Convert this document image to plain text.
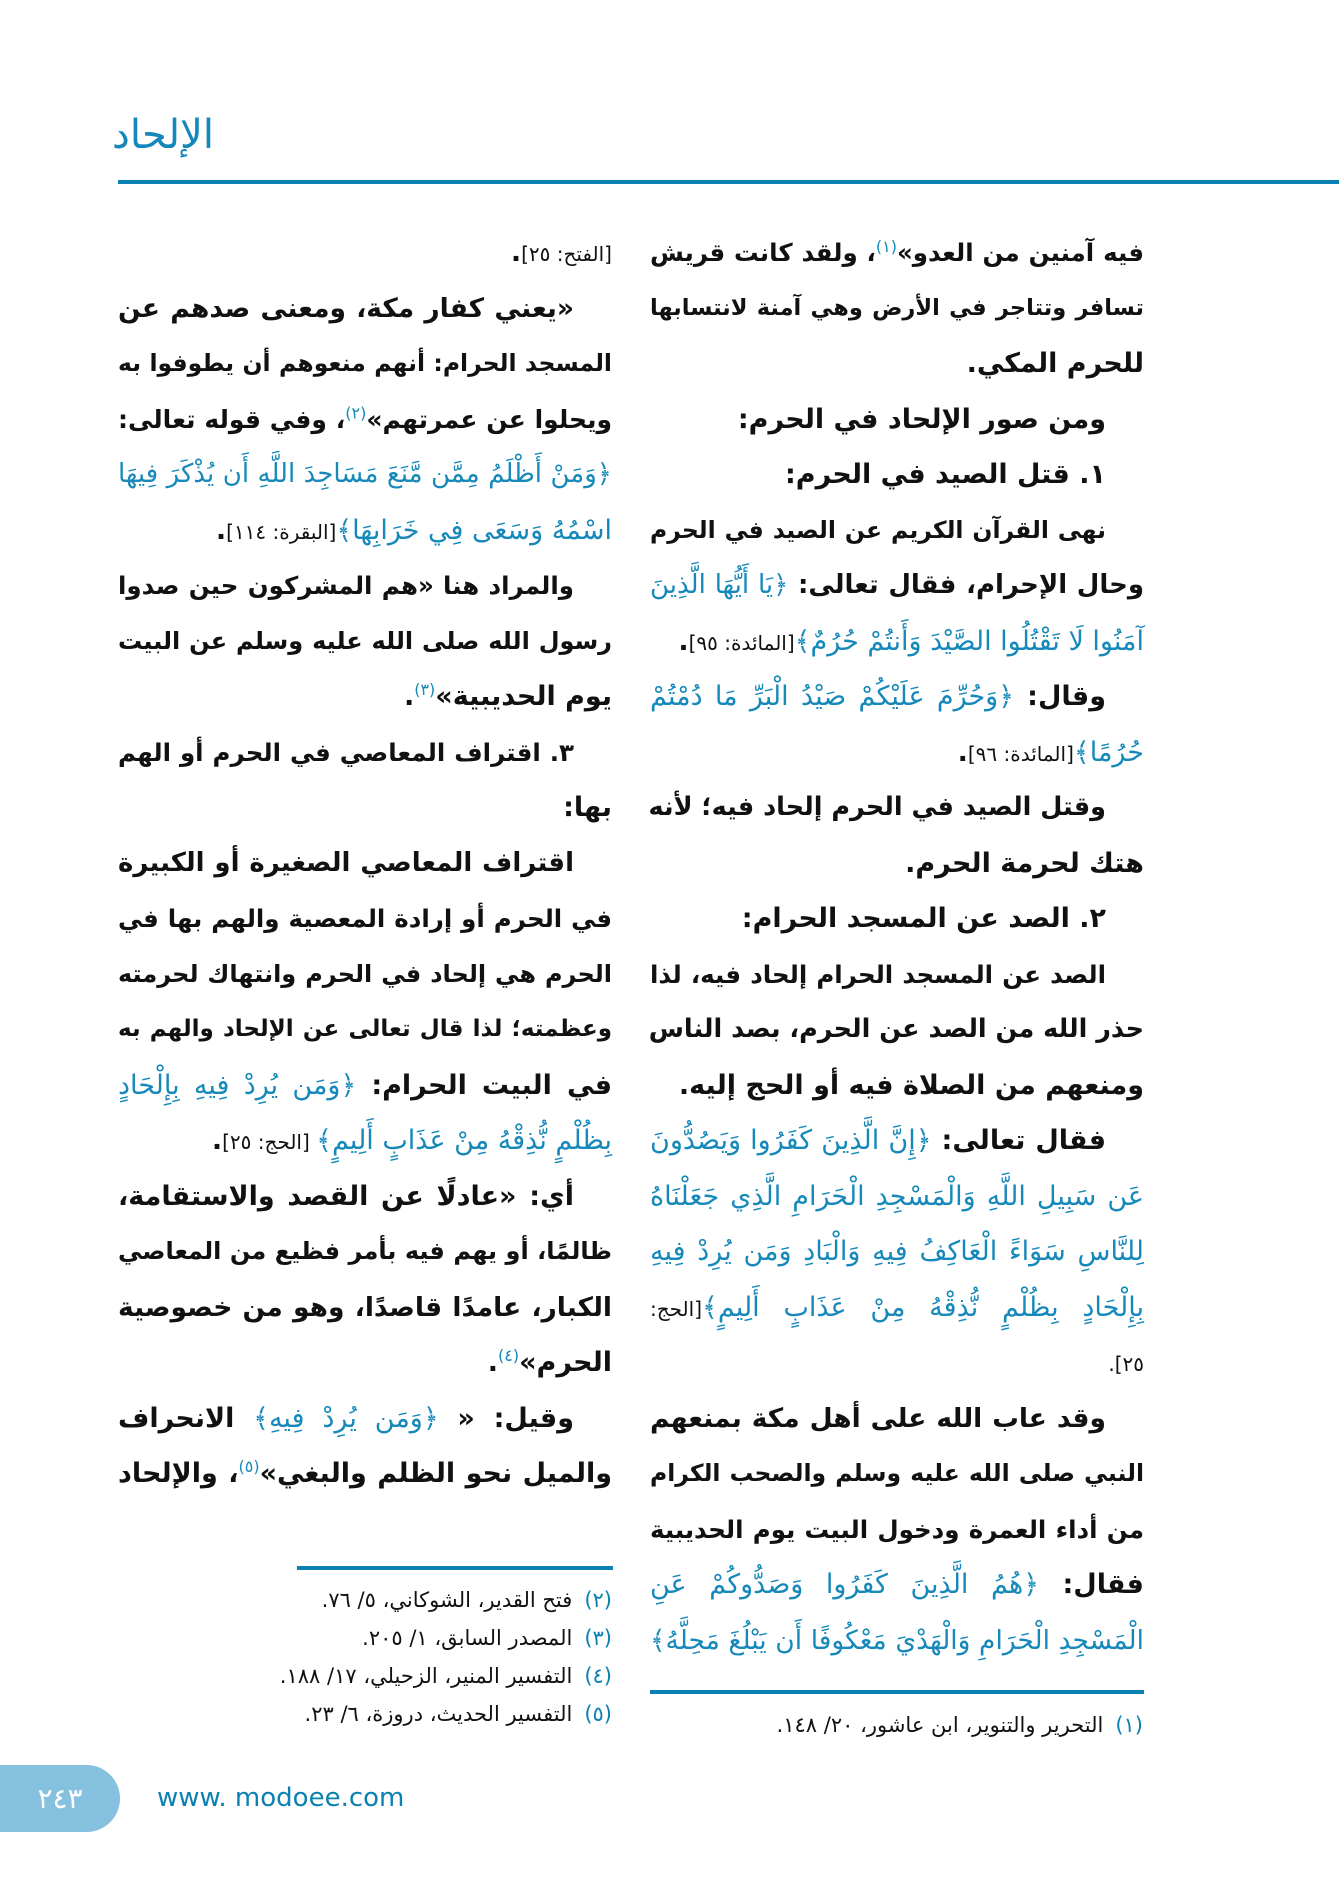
الإلحاد
فيه آمنين من العدو»$^{(١)}$، ولقد كانت قريش
تسافر وتتاجر في الأرض وهي آمنة لانتسابها
للحرم المكي.
ومن صور الإلحاد في الحرم:
١. قتل الصيد في الحرم:
نهى القرآن الكريم عن الصيد في الحرم
وحال الإحرام، فقال تعالى: ﴿يَا أَيُّهَا الَّذِينَ
آمَنُوا لَا تَقْتُلُوا الصَّيْدَ وَأَنتُمْ حُرُمٌ﴾[المائدة: ٩٥].
وقال: ﴿وَحُرِّمَ عَلَيْكُمْ صَيْدُ الْبَرِّ مَا دُمْتُمْ
حُرُمًا﴾[المائدة: ٩٦].
وقتل الصيد في الحرم إلحاد فيه؛ لأنه
هتك لحرمة الحرم.
٢. الصد عن المسجد الحرام:
الصد عن المسجد الحرام إلحاد فيه، لذا
حذر الله من الصد عن الحرم، بصد الناس
ومنعهم من الصلاة فيه أو الحج إليه.
فقال تعالى: ﴿إِنَّ الَّذِينَ كَفَرُوا وَيَصُدُّونَ
عَن سَبِيلِ اللَّهِ وَالْمَسْجِدِ الْحَرَامِ الَّذِي جَعَلْنَاهُ
لِلنَّاسِ سَوَاءً الْعَاكِفُ فِيهِ وَالْبَادِ وَمَن يُرِدْ فِيهِ
بِإِلْحَادٍ بِظُلْمٍ نُّذِقْهُ مِنْ عَذَابٍ أَلِيمٍ﴾[الحج:
٢٥].
وقد عاب الله على أهل مكة بمنعهم
النبي صلى الله عليه وسلم والصحب الكرام
من أداء العمرة ودخول البيت يوم الحديبية
فقال: ﴿هُمُ الَّذِينَ كَفَرُوا وَصَدُّوكُمْ عَنِ
الْمَسْجِدِ الْحَرَامِ وَالْهَدْيَ مَعْكُوفًا أَن يَبْلُغَ مَحِلَّهُ﴾
[الفتح: ٢٥].
«يعني كفار مكة، ومعنى صدهم عن
المسجد الحرام: أنهم منعوهم أن يطوفوا به
ويحلوا عن عمرتهم»$^{(٢)}$، وفي قوله تعالى:
﴿وَمَنْ أَظْلَمُ مِمَّن مَّنَعَ مَسَاجِدَ اللَّهِ أَن يُذْكَرَ فِيهَا
اسْمُهُ وَسَعَى فِي خَرَابِهَا﴾[البقرة: ١١٤].
والمراد هنا «هم المشركون حين صدوا
رسول الله صلى الله عليه وسلم عن البيت
يوم الحديبية»$^{(٣)}$.
٣. اقتراف المعاصي في الحرم أو الهم
بها:
اقتراف المعاصي الصغيرة أو الكبيرة
في الحرم أو إرادة المعصية والهم بها في
الحرم هي إلحاد في الحرم وانتهاك لحرمته
وعظمته؛ لذا قال تعالى عن الإلحاد والهم به
في البيت الحرام: ﴿وَمَن يُرِدْ فِيهِ بِإِلْحَادٍ
بِظُلْمٍ نُّذِقْهُ مِنْ عَذَابٍ أَلِيمٍ﴾ [الحج: ٢٥].
أي: «عادلًا عن القصد والاستقامة،
ظالمًا، أو يهم فيه بأمر فظيع من المعاصي
الكبار، عامدًا قاصدًا، وهو من خصوصية
الحرم»$^{(٤)}$.
وقيل: « ﴿وَمَن يُرِدْ فِيهِ﴾ الانحراف
والميل نحو الظلم والبغي»$^{(٥)}$، والإلحاد
(١)التحرير والتنوير، ابن عاشور، ٢٠/ ١٤٨.
(٢)فتح القدير، الشوكاني، ٥/ ٧٦.
(٣)المصدر السابق، ١/ ٢٠٥.
(٤)التفسير المنير، الزحيلي، ١٧/ ١٨٨.
(٥)التفسير الحديث، دروزة، ٦/ ٢٣.
٢٤٣	www. modoee.com
